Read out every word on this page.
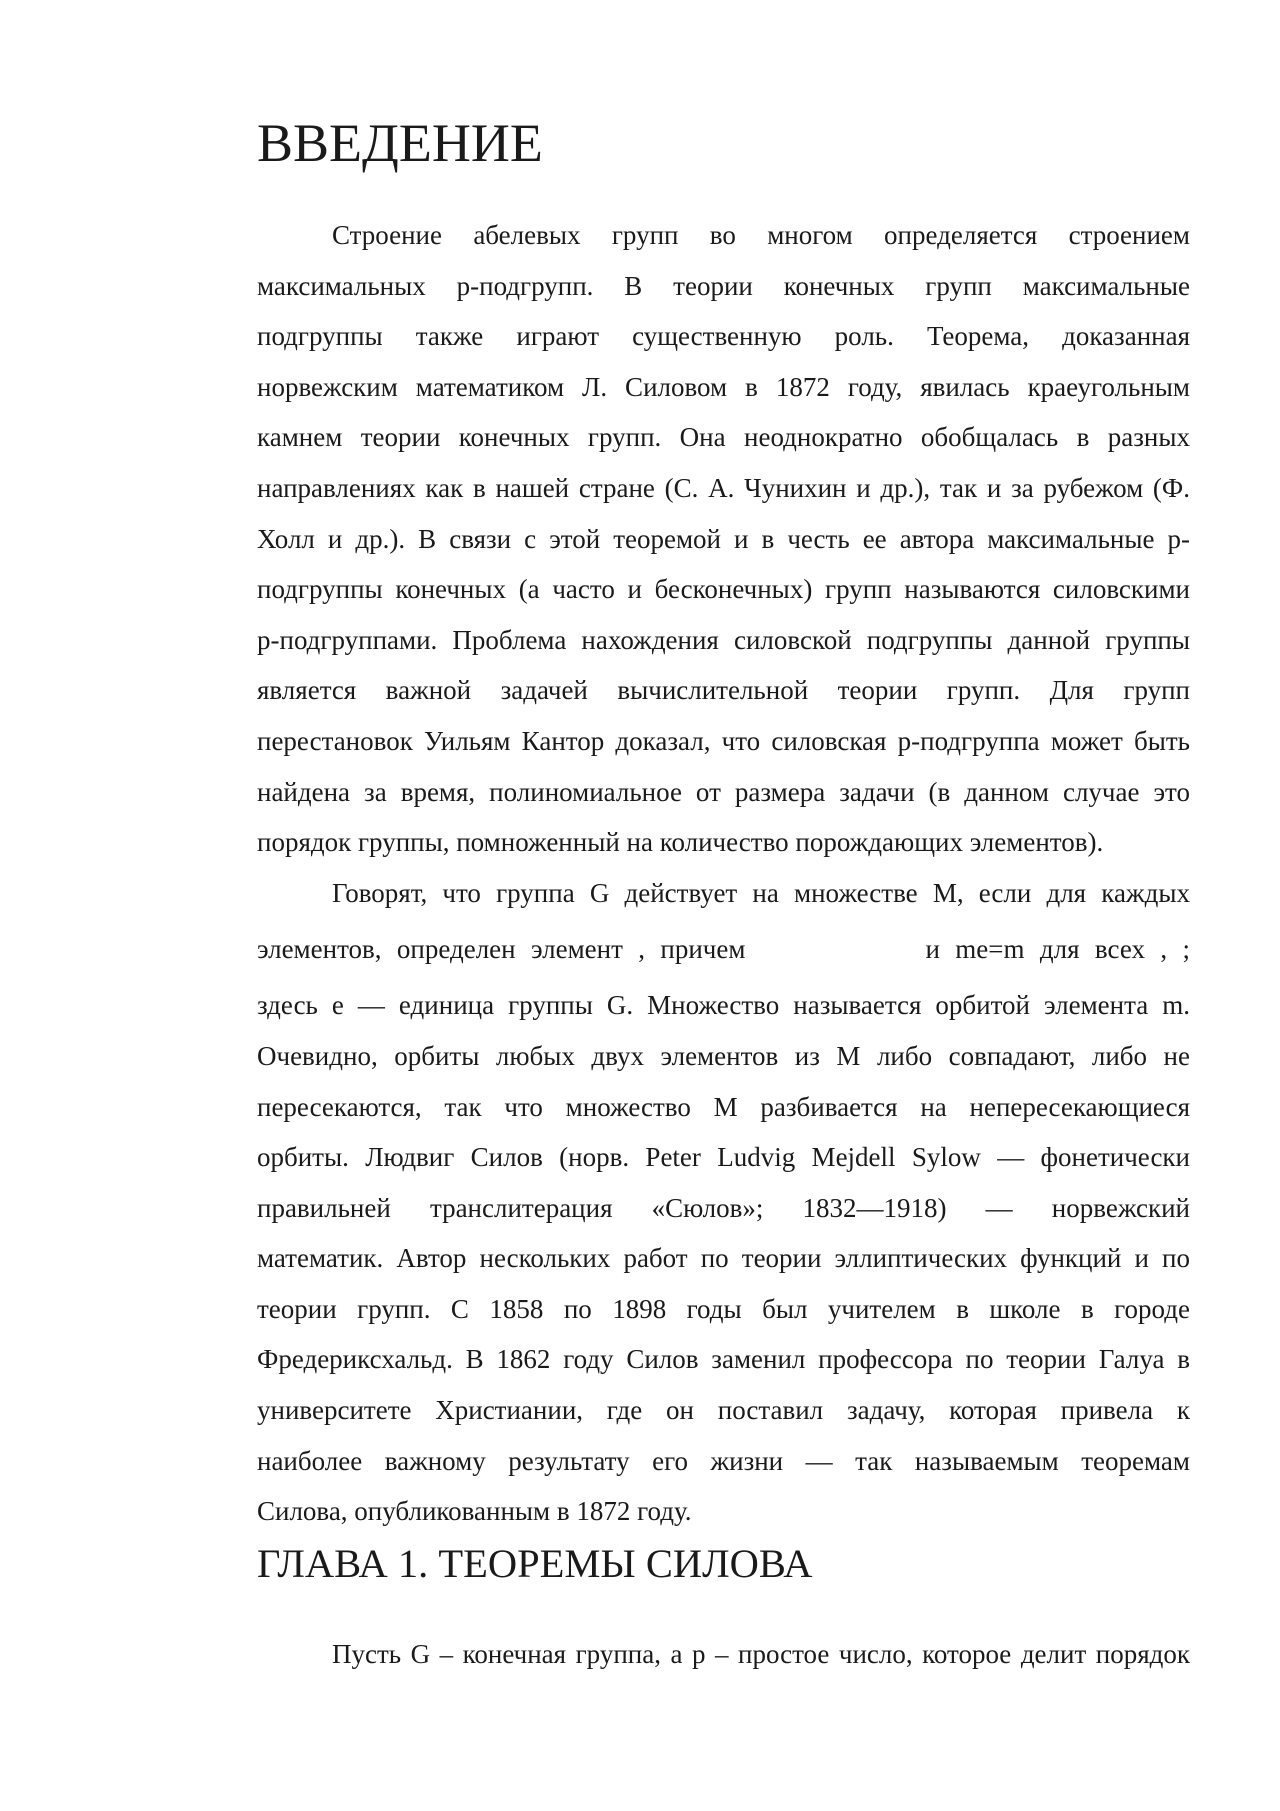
ВВЕДЕНИЕ
Строение абелевых групп во многом определяется строением
максимальных р-подгрупп. В теории конечных групп максимальные
подгруппы также играют существенную роль. Теорема, доказанная
норвежским математиком Л. Силовом в 1872 году, явилась краеугольным
камнем теории конечных групп. Она неоднократно обобщалась в разных
направлениях как в нашей стране (С. А. Чунихин и др.), так и за рубежом (Ф.
Холл и др.). В связи с этой теоремой и в честь ее автора максимальные р-
подгруппы конечных (а часто и бесконечных) групп называются силовскими
р-подгруппами. Проблема нахождения силовской подгруппы данной группы
является важной задачей вычислительной теории групп. Для групп
перестановок Уильям Кантор доказал, что силовская р-подгруппа может быть
найдена за время, полиномиальное от размера задачи (в данном случае это
порядок группы, помноженный на количество порождающих элементов).
Говорят, что группа G действует на множестве M, если для каждых
элементов, определен элемент , причем	и me=m для всех , ;
здесь e — единица группы G. Множество называется орбитой элемента m.
Очевидно, орбиты любых двух элементов из M либо совпадают, либо не
пересекаются, так что множество M разбивается на непересекающиеся
орбиты. Людвиг Силов (норв. Peter Ludvig Mejdell Sylow — фонетически
правильней транслитерация «Сюлов»; 1832—1918) — норвежский
математик. Автор нескольких работ по теории эллиптических функций и по
теории групп. С 1858 по 1898 годы был учителем в школе в городе
Фредериксхальд. В 1862 году Силов заменил профессора по теории Галуа в
университете Христиании, где он поставил задачу, которая привела к
наиболее важному результату его жизни — так называемым теоремам
Силова, опубликованным в 1872 году.
ГЛАВА 1. ТЕОРЕМЫ СИЛОВА
Пусть G – конечная группа, а p – простое число, которое делит порядок
